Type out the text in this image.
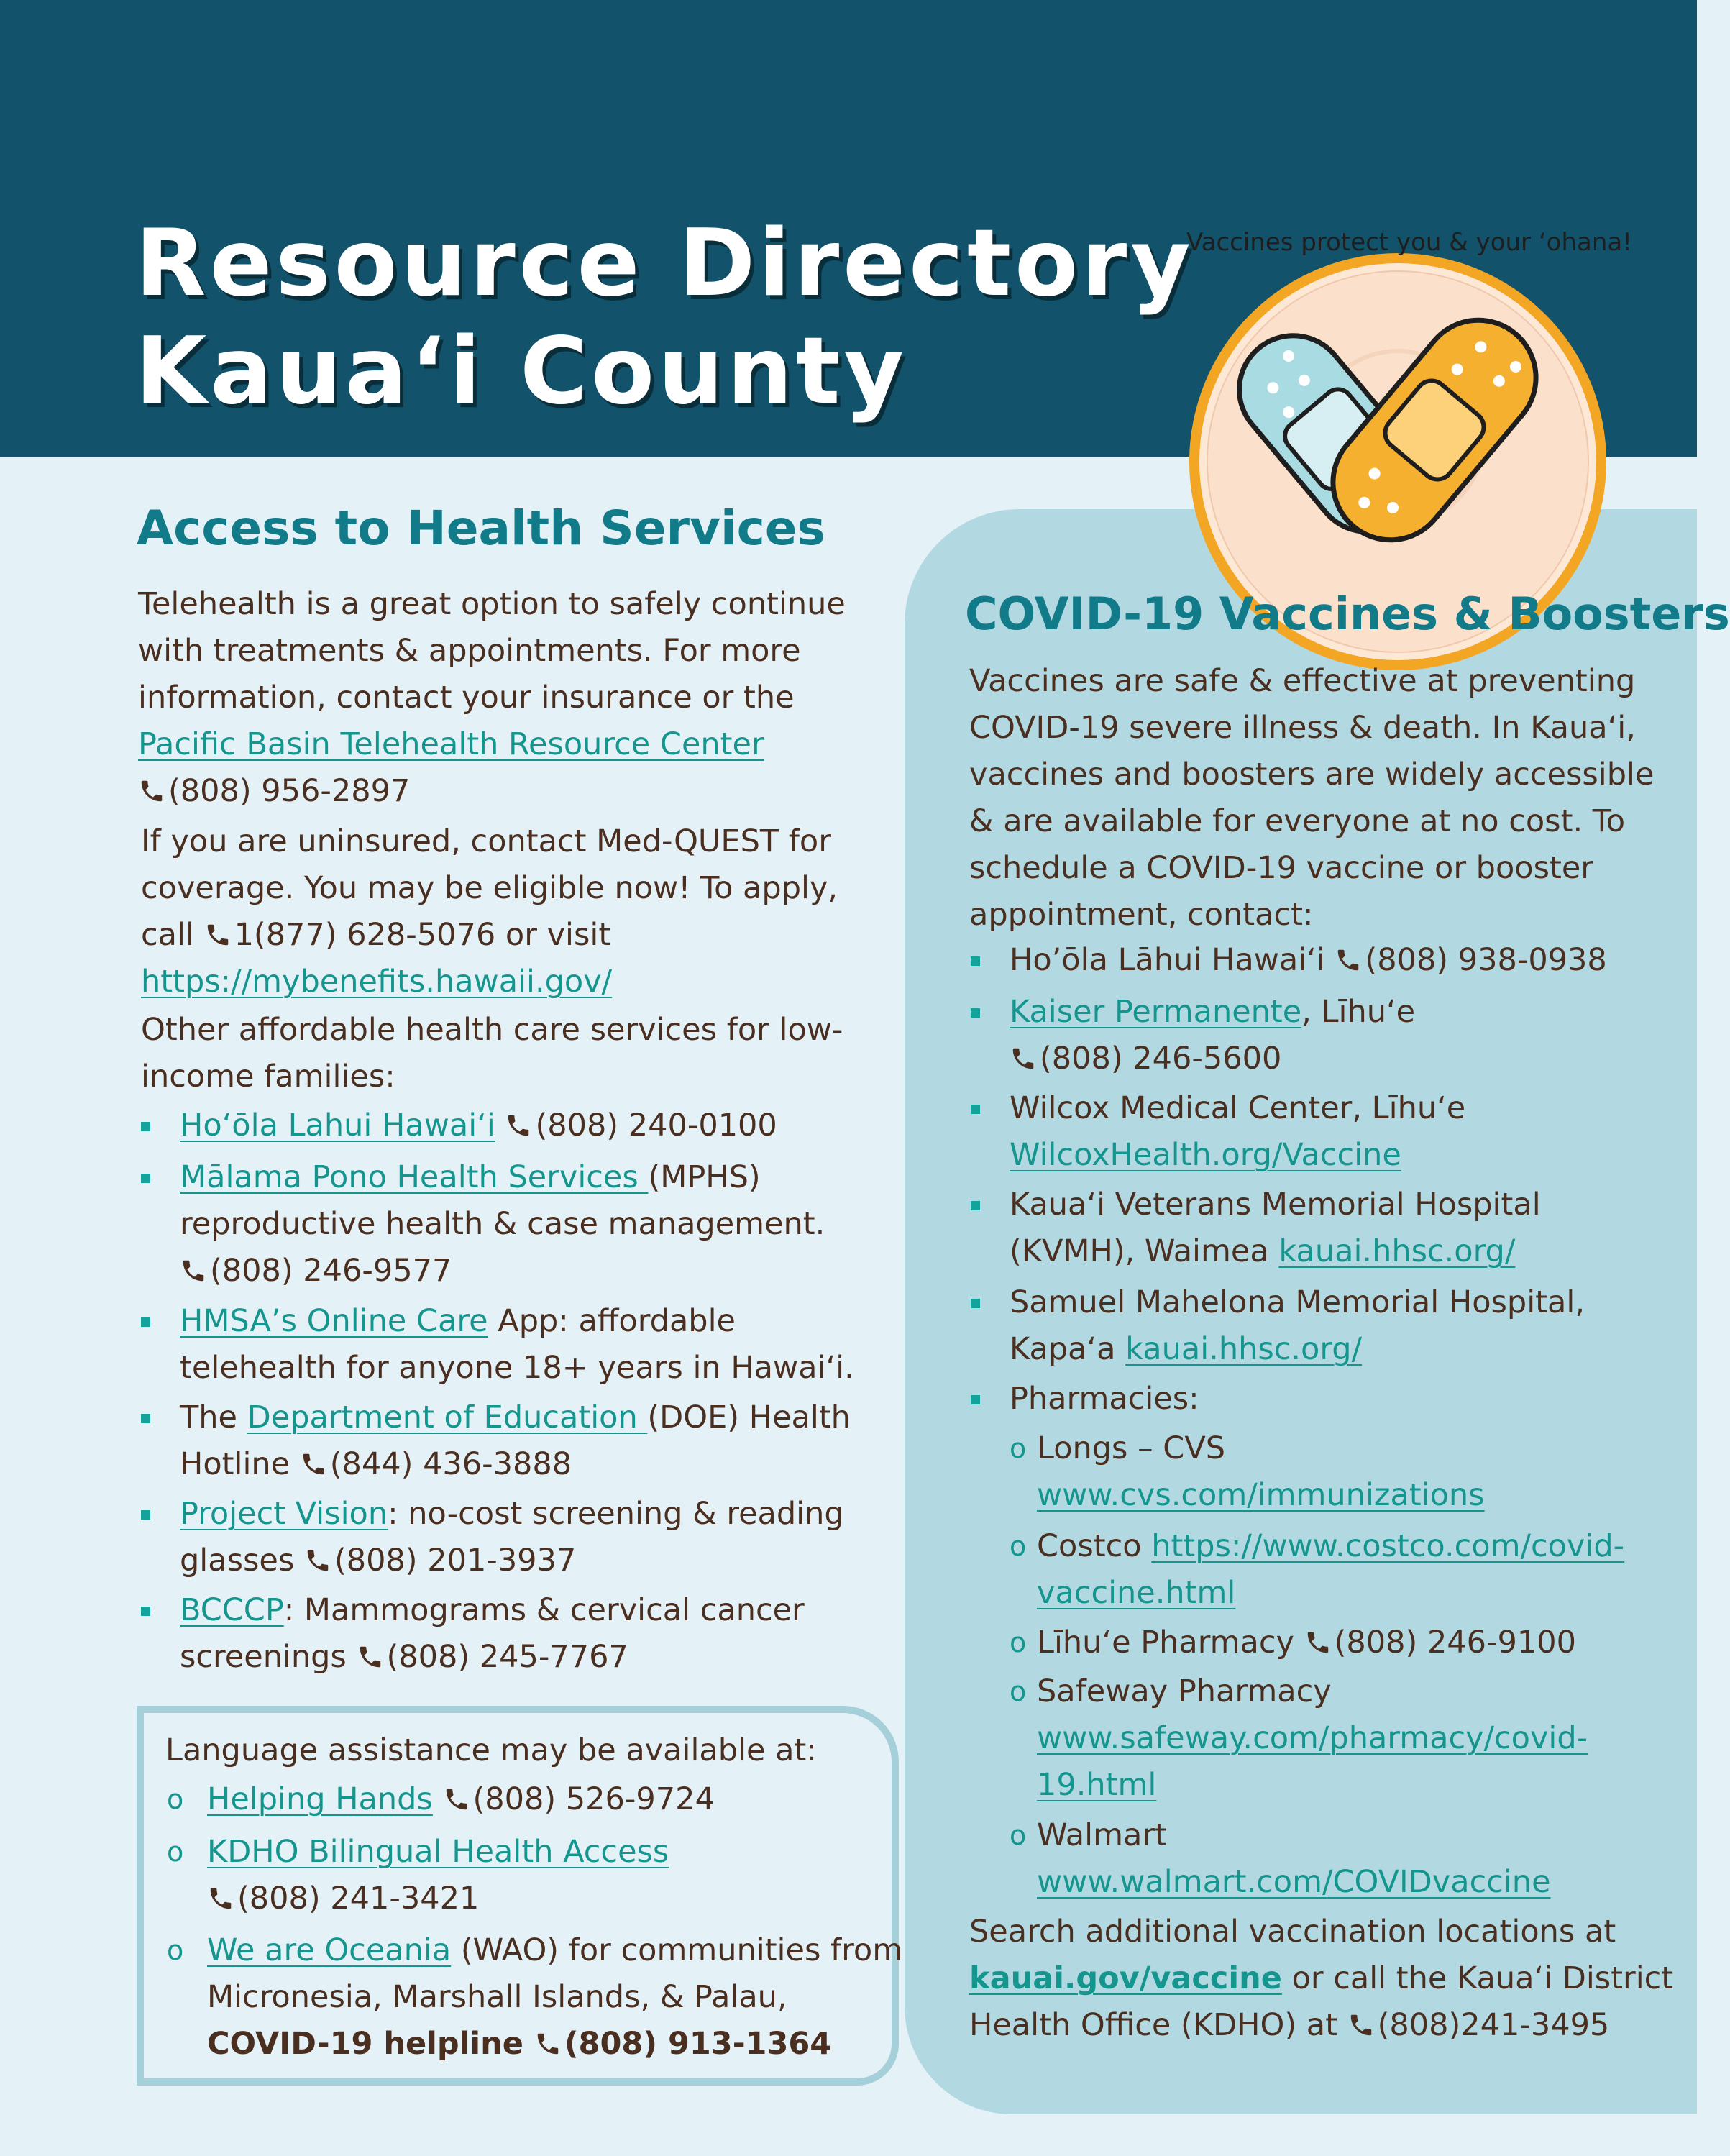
Resource Directory
Kaua‘i County
Vaccines protect you & your ‘ohana!
Access to Health Services
Telehealth is a great option to safely continue
with treatments & appointments. For more
information, contact your insurance or the
Pacific Basin Telehealth Resource Center
(808) 956-2897
If you are uninsured, contact Med-QUEST for
coverage. You may be eligible now! To apply,
call 1(877) 628-5076 or visit
https://mybenefits.hawaii.gov/
Other affordable health care services for low-
income families:
Ho‘ōla Lahui Hawai‘i (808) 240-0100
Mālama Pono Health Services (MPHS)
reproductive health & case management.
(808) 246-9577
HMSA’s Online Care App: affordable
telehealth for anyone 18+ years in Hawai‘i.
The Department of Education (DOE) Health
Hotline (844) 436-3888
Project Vision: no-cost screening & reading
glasses (808) 201-3937
BCCCP: Mammograms & cervical cancer
screenings (808) 245-7767
Language assistance may be available at:
o Helping Hands (808) 526-9724
o KDHO Bilingual Health Access
(808) 241-3421
o We are Oceania (WAO) for communities from
Micronesia, Marshall Islands, & Palau,
COVID-19 helpline (808) 913-1364
COVID-19 Vaccines & Boosters
Vaccines are safe & effective at preventing
COVID-19 severe illness & death. In Kaua‘i,
vaccines and boosters are widely accessible
& are available for everyone at no cost. To
schedule a COVID-19 vaccine or booster
appointment, contact:
Ho’ōla Lāhui Hawai‘i (808) 938-0938
Kaiser Permanente, Līhu‘e
(808) 246-5600
Wilcox Medical Center, Līhu‘e
WilcoxHealth.org/Vaccine
Kaua‘i Veterans Memorial Hospital
(KVMH), Waimea kauai.hhsc.org/
Samuel Mahelona Memorial Hospital,
Kapa‘a kauai.hhsc.org/
Pharmacies:
o Longs – CVS
www.cvs.com/immunizations
o Costco https://www.costco.com/covid-
vaccine.html
o Līhu‘e Pharmacy (808) 246-9100
o Safeway Pharmacy
www.safeway.com/pharmacy/covid-
19.html
o Walmart
www.walmart.com/COVIDvaccine
Search additional vaccination locations at
kauai.gov/vaccine or call the Kaua‘i District
Health Office (KDHO) at (808)241-3495
